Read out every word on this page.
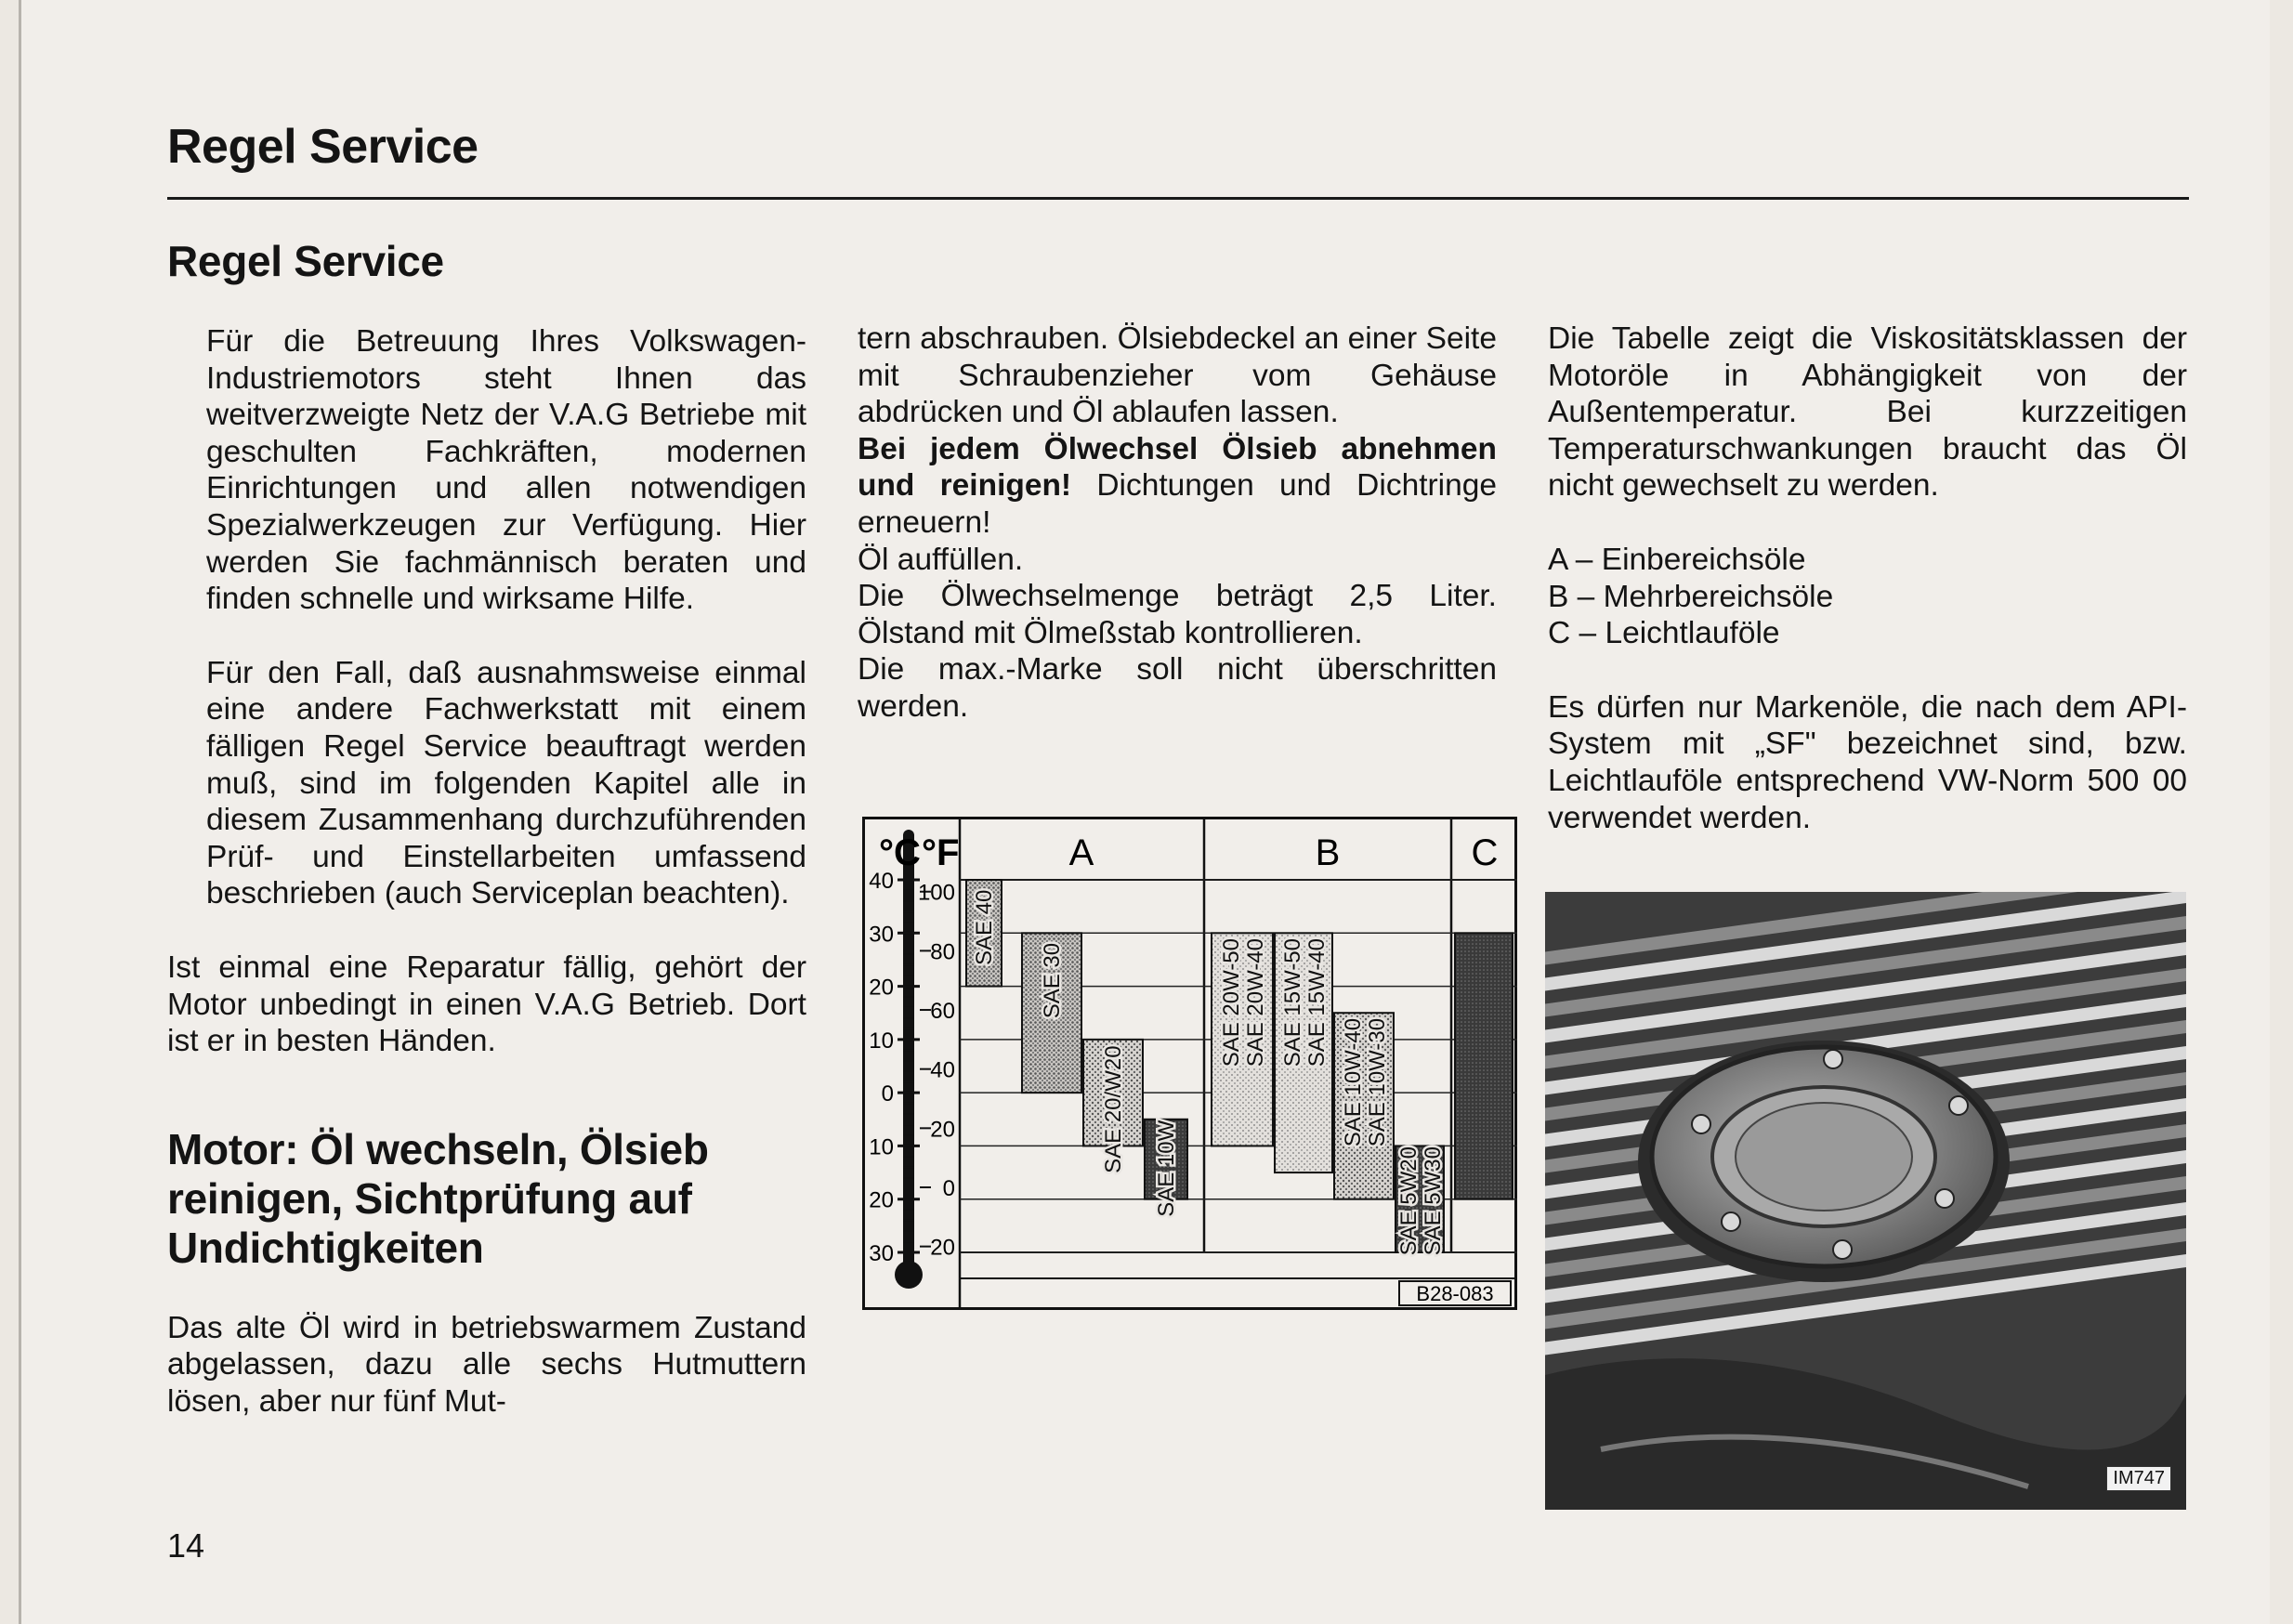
Regel Service
Regel Service

Für die Betreuung Ihres Volkswagen-Industriemotors steht Ihnen das weitverzweigte Netz der V.A.G Betriebe mit geschulten Fachkräften, modernen Einrichtungen und allen notwendigen Spezialwerkzeugen zur Verfügung. Hier werden Sie fachmännisch beraten und finden schnelle und wirksame Hilfe.

Für den Fall, daß ausnahmsweise einmal eine andere Fachwerkstatt mit einem fälligen Regel Service beauftragt werden muß, sind im folgenden Kapitel alle in diesem Zusammenhang durchzuführenden Prüf- und Einstellarbeiten umfassend beschrieben (auch Serviceplan beachten).

Ist einmal eine Reparatur fällig, gehört der Motor unbedingt in einen V.A.G Betrieb. Dort ist er in besten Händen.

Motor: Öl wechseln, Ölsieb reinigen, Sichtprüfung auf Undichtigkeiten

Das alte Öl wird in betriebswarmem Zustand abgelassen, dazu alle sechs Hutmuttern lösen, aber nur fünf Mut-

tern abschrauben. Ölsiebdeckel an einer Seite mit Schraubenzieher vom Gehäuse abdrücken und Öl ablaufen lassen.

Bei jedem Ölwechsel Ölsieb abnehmen und reinigen! Dichtungen und Dichtringe erneuern!

Öl auffüllen.

Die Ölwechselmenge beträgt 2,5 Liter. Ölstand mit Ölmeßstab kontrollieren.

Die max.-Marke soll nicht überschritten werden.

°C °F
40
30
20
10
0
10
20
30
100
80
60
40
20
0
20
A	B	C
B28-083
SAE 40
SAE 30
SAE 20/W20 SAE 10W
SAE 20W-50 SAE 20W-40 SAE 15W-50 SAE 15W-40
SAE 10W-40 SAE 10W-30
SAE 5W20 SAE 5W30

Die Tabelle zeigt die Viskositätsklassen der Motoröle in Abhängigkeit von der Außentemperatur. Bei kurzzeitigen Temperaturschwankungen braucht das Öl nicht gewechselt zu werden.

A – Einbereichsöle

B – Mehrbereichsöle

C – Leichtlauföle

Es dürfen nur Markenöle, die nach dem API-System mit „SF" bezeichnet sind, bzw. Leichtlauföle entsprechend VW-Norm 500 00 verwendet werden.

IM747
14
